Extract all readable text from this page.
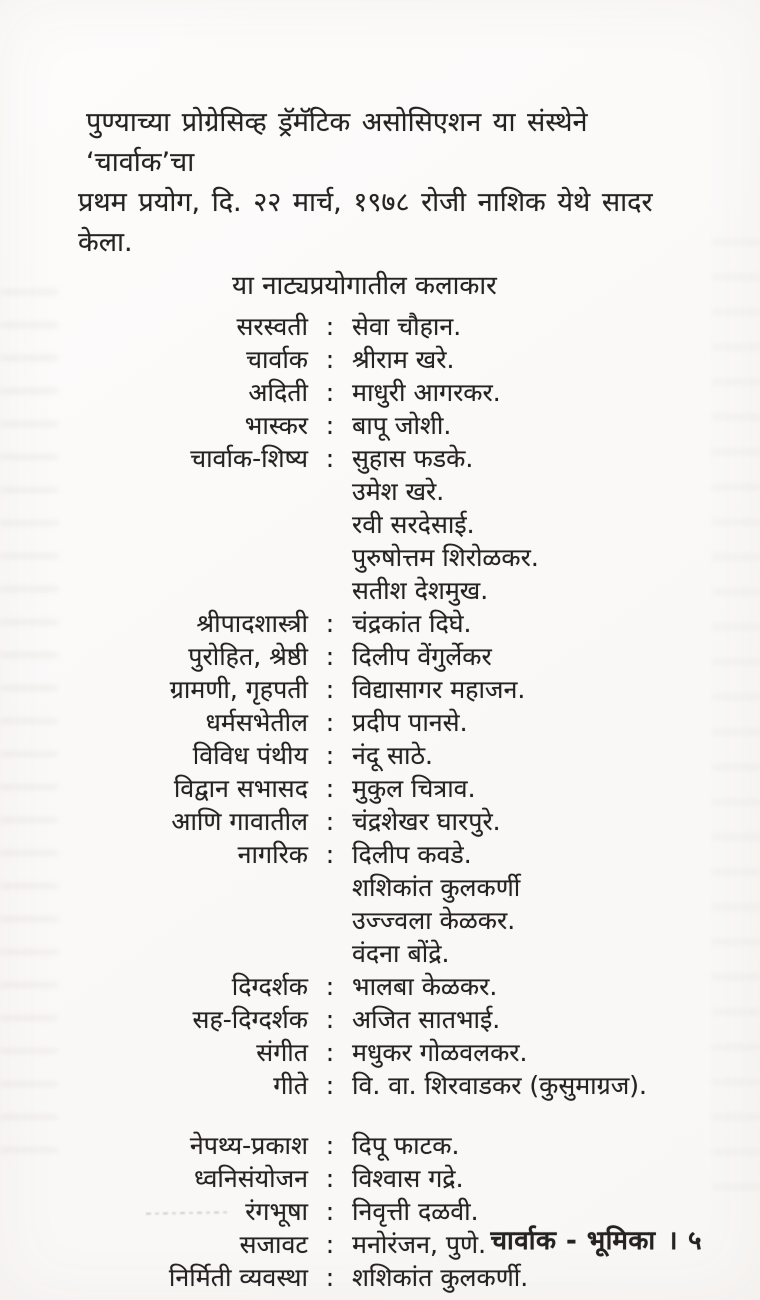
पुण्याच्या प्रोग्रेसिव्ह ड्रॅमॅटिक असोसिएशन या संस्थेने ‘चार्वाक’चा
प्रथम प्रयोग, दि. २२ मार्च, १९७८ रोजी नाशिक येथे सादर केला.
या नाट्यप्रयोगातील कलाकार
सरस्वती : सेवा चौहान.
चार्वाक : श्रीराम खरे.
अदिती : माधुरी आगरकर.
भास्कर : बापू जोशी.
चार्वाक-शिष्य : सुहास फडके.
उमेश खरे.
रवी सरदेसाई.
पुरुषोत्तम शिरोळकर.
सतीश देशमुख.
श्रीपादशास्त्री : चंद्रकांत दिघे.
पुरोहित, श्रेष्ठी : दिलीप वेंगुर्लेकर
ग्रामणी, गृहपती : विद्यासागर महाजन.
धर्मसभेतील : प्रदीप पानसे.
विविध पंथीय : नंदू साठे.
विद्वान सभासद : मुकुल चित्राव.
आणि गावातील : चंद्रशेखर घारपुरे.
नागरिक : दिलीप कवडे.
शशिकांत कुलकर्णी
उज्ज्वला केळकर.
वंदना बोंद्रे.
दिग्दर्शक : भालबा केळकर.
सह-दिग्दर्शक : अजित सातभाई.
संगीत : मधुकर गोळवलकर.
गीते : वि. वा. शिरवाडकर (कुसुमाग्रज).
नेपथ्य-प्रकाश : दिपू फाटक.
ध्वनिसंयोजन : विश्वास गद्रे.
रंगभूषा : निवृत्ती दळवी.
सजावट : मनोरंजन, पुणे.
निर्मिती व्यवस्था : शशिकांत कुलकर्णी.
चार्वाक - भूमिका । ५
